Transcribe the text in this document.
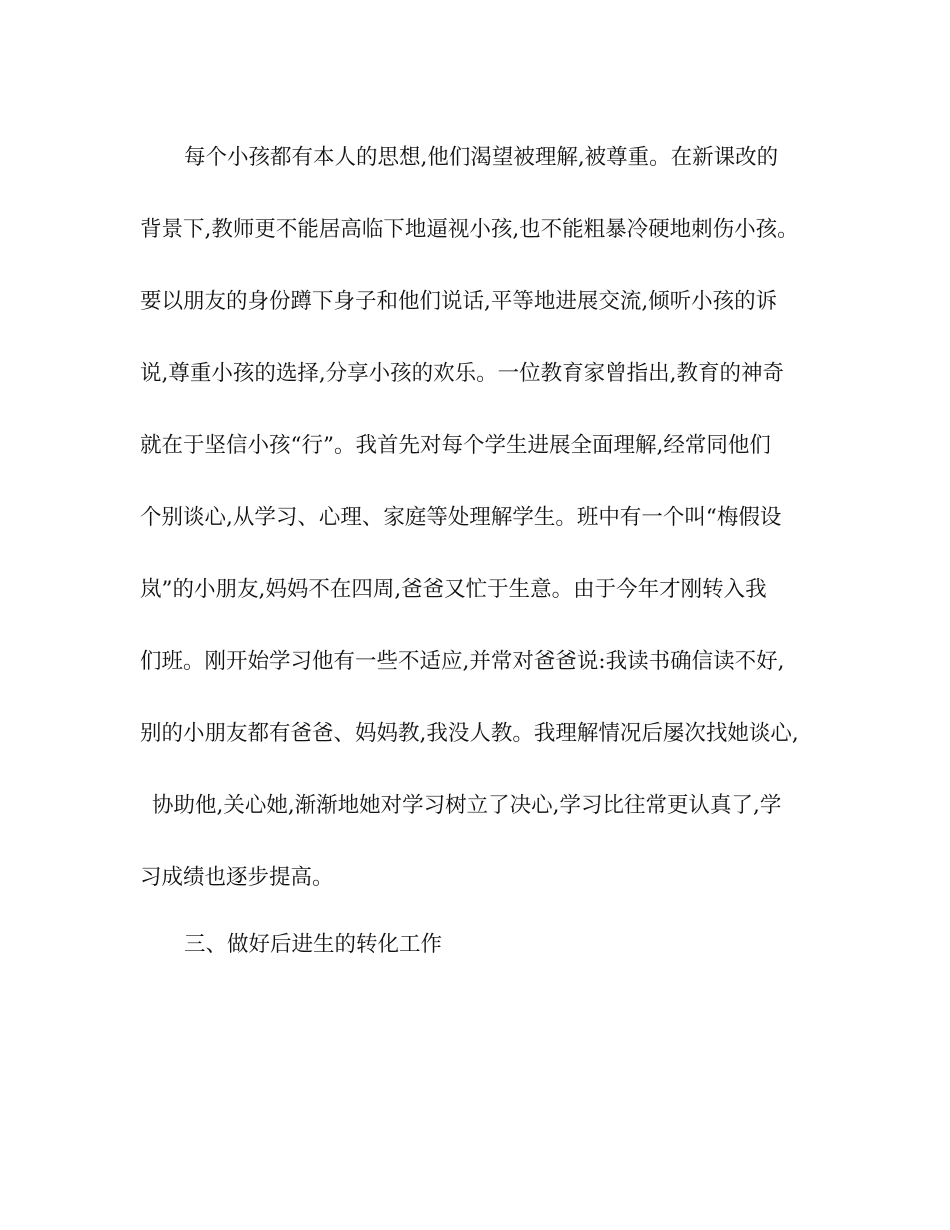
每个小孩都有本人的思想,他们渴望被理解,被尊重。在新课改的
背景下,教师更不能居高临下地逼视小孩,也不能粗暴冷硬地刺伤小孩。
要以朋友的身份蹲下身子和他们说话,平等地进展交流,倾听小孩的诉
说,尊重小孩的选择,分享小孩的欢乐。一位教育家曾指出,教育的神奇
就在于坚信小孩“行”。我首先对每个学生进展全面理解,经常同他们
个别谈心,从学习、心理、家庭等处理解学生。班中有一个叫“梅假设
岚”的小朋友,妈妈不在四周,爸爸又忙于生意。由于今年才刚转入我
们班。刚开始学习他有一些不适应,并常对爸爸说:我读书确信读不好,
别的小朋友都有爸爸、妈妈教,我没人教。我理解情况后屡次找她谈心,
协助他,关心她,渐渐地她对学习树立了决心,学习比往常更认真了,学
习成绩也逐步提高。
三、做好后进生的转化工作
